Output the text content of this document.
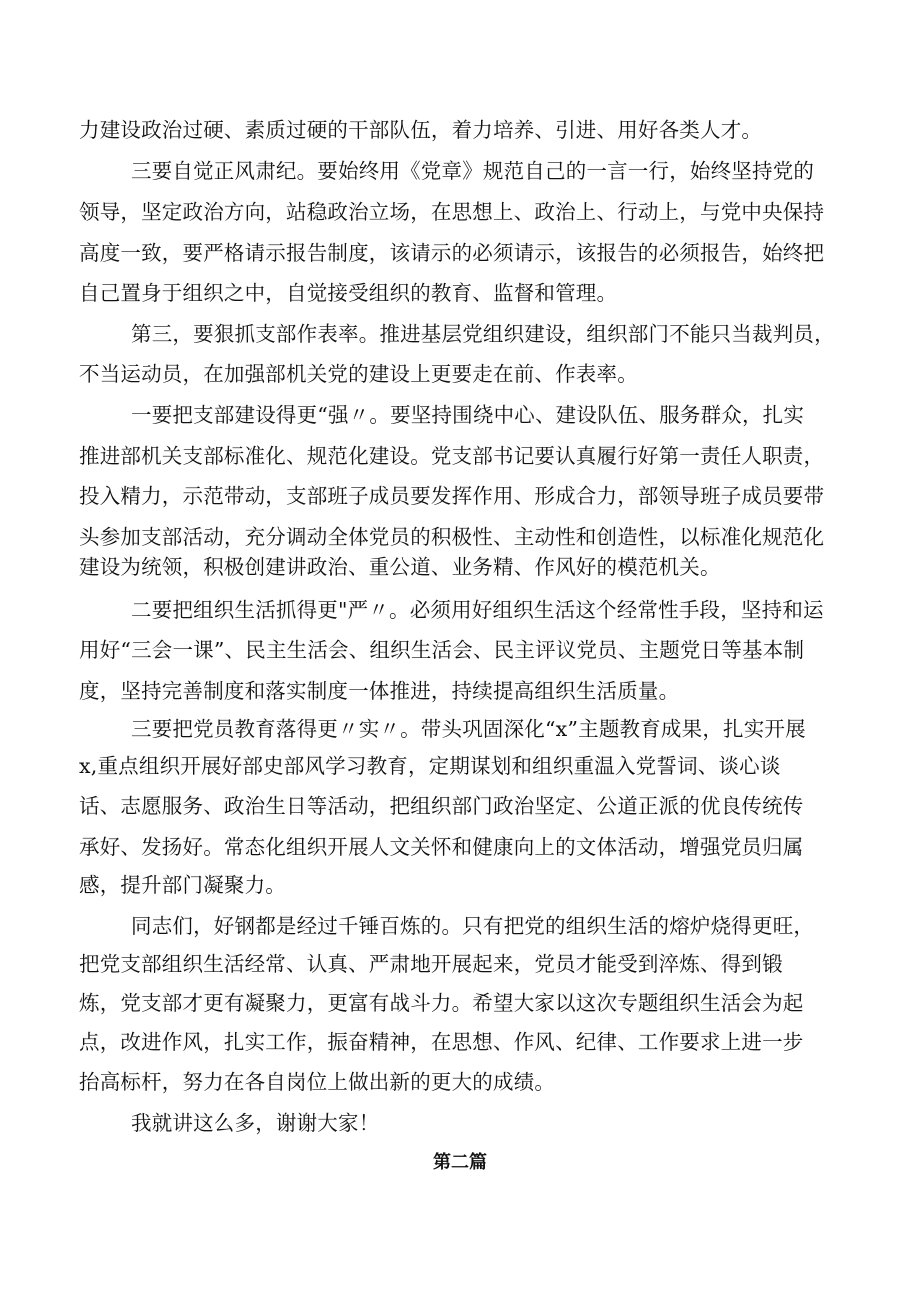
力建设政治过硬、素质过硬的干部队伍，着力培养、引进、用好各类人才。
三要自觉正风肃纪。要始终用《党章》规范自己的一言一行，始终坚持党的
领导，坚定政治方向，站稳政治立场，在思想上、政治上、行动上，与党中央保持
高度一致，要严格请示报告制度，该请示的必须请示，该报告的必须报告，始终把
自己置身于组织之中，自觉接受组织的教育、监督和管理。
第三，要狠抓支部作表率。推进基层党组织建设，组织部门不能只当裁判员，
不当运动员，在加强部机关党的建设上更要走在前、作表率。
一要把支部建设得更“强〃。要坚持围绕中心、建设队伍、服务群众，扎实
推进部机关支部标准化、规范化建设。党支部书记要认真履行好第一责任人职责，
投入精力，示范带动，支部班子成员要发挥作用、形成合力，部领导班子成员要带
头参加支部活动，充分调动全体党员的积极性、主动性和创造性，以标准化规范化
建设为统领，积极创建讲政治、重公道、业务精、作风好的模范机关。
二要把组织生活抓得更"严〃。必须用好组织生活这个经常性手段，坚持和运
用好“三会一课”、民主生活会、组织生活会、民主评议党员、主题党日等基本制
度，坚持完善制度和落实制度一体推进，持续提高组织生活质量。
三要把党员教育落得更〃实〃。带头巩固深化“x”主题教育成果，扎实开展
x,重点组织开展好部史部风学习教育，定期谋划和组织重温入党誓词、谈心谈
话、志愿服务、政治生日等活动，把组织部门政治坚定、公道正派的优良传统传
承好、发扬好。常态化组织开展人文关怀和健康向上的文体活动，增强党员归属
感，提升部门凝聚力。
同志们，好钢都是经过千锤百炼的。只有把党的组织生活的熔炉烧得更旺，
把党支部组织生活经常、认真、严肃地开展起来，党员才能受到淬炼、得到锻
炼，党支部才更有凝聚力，更富有战斗力。希望大家以这次专题组织生活会为起
点，改进作风，扎实工作，振奋精神，在思想、作风、纪律、工作要求上进一步
抬高标杆，努力在各自岗位上做出新的更大的成绩。
我就讲这么多，谢谢大家！
第二篇
